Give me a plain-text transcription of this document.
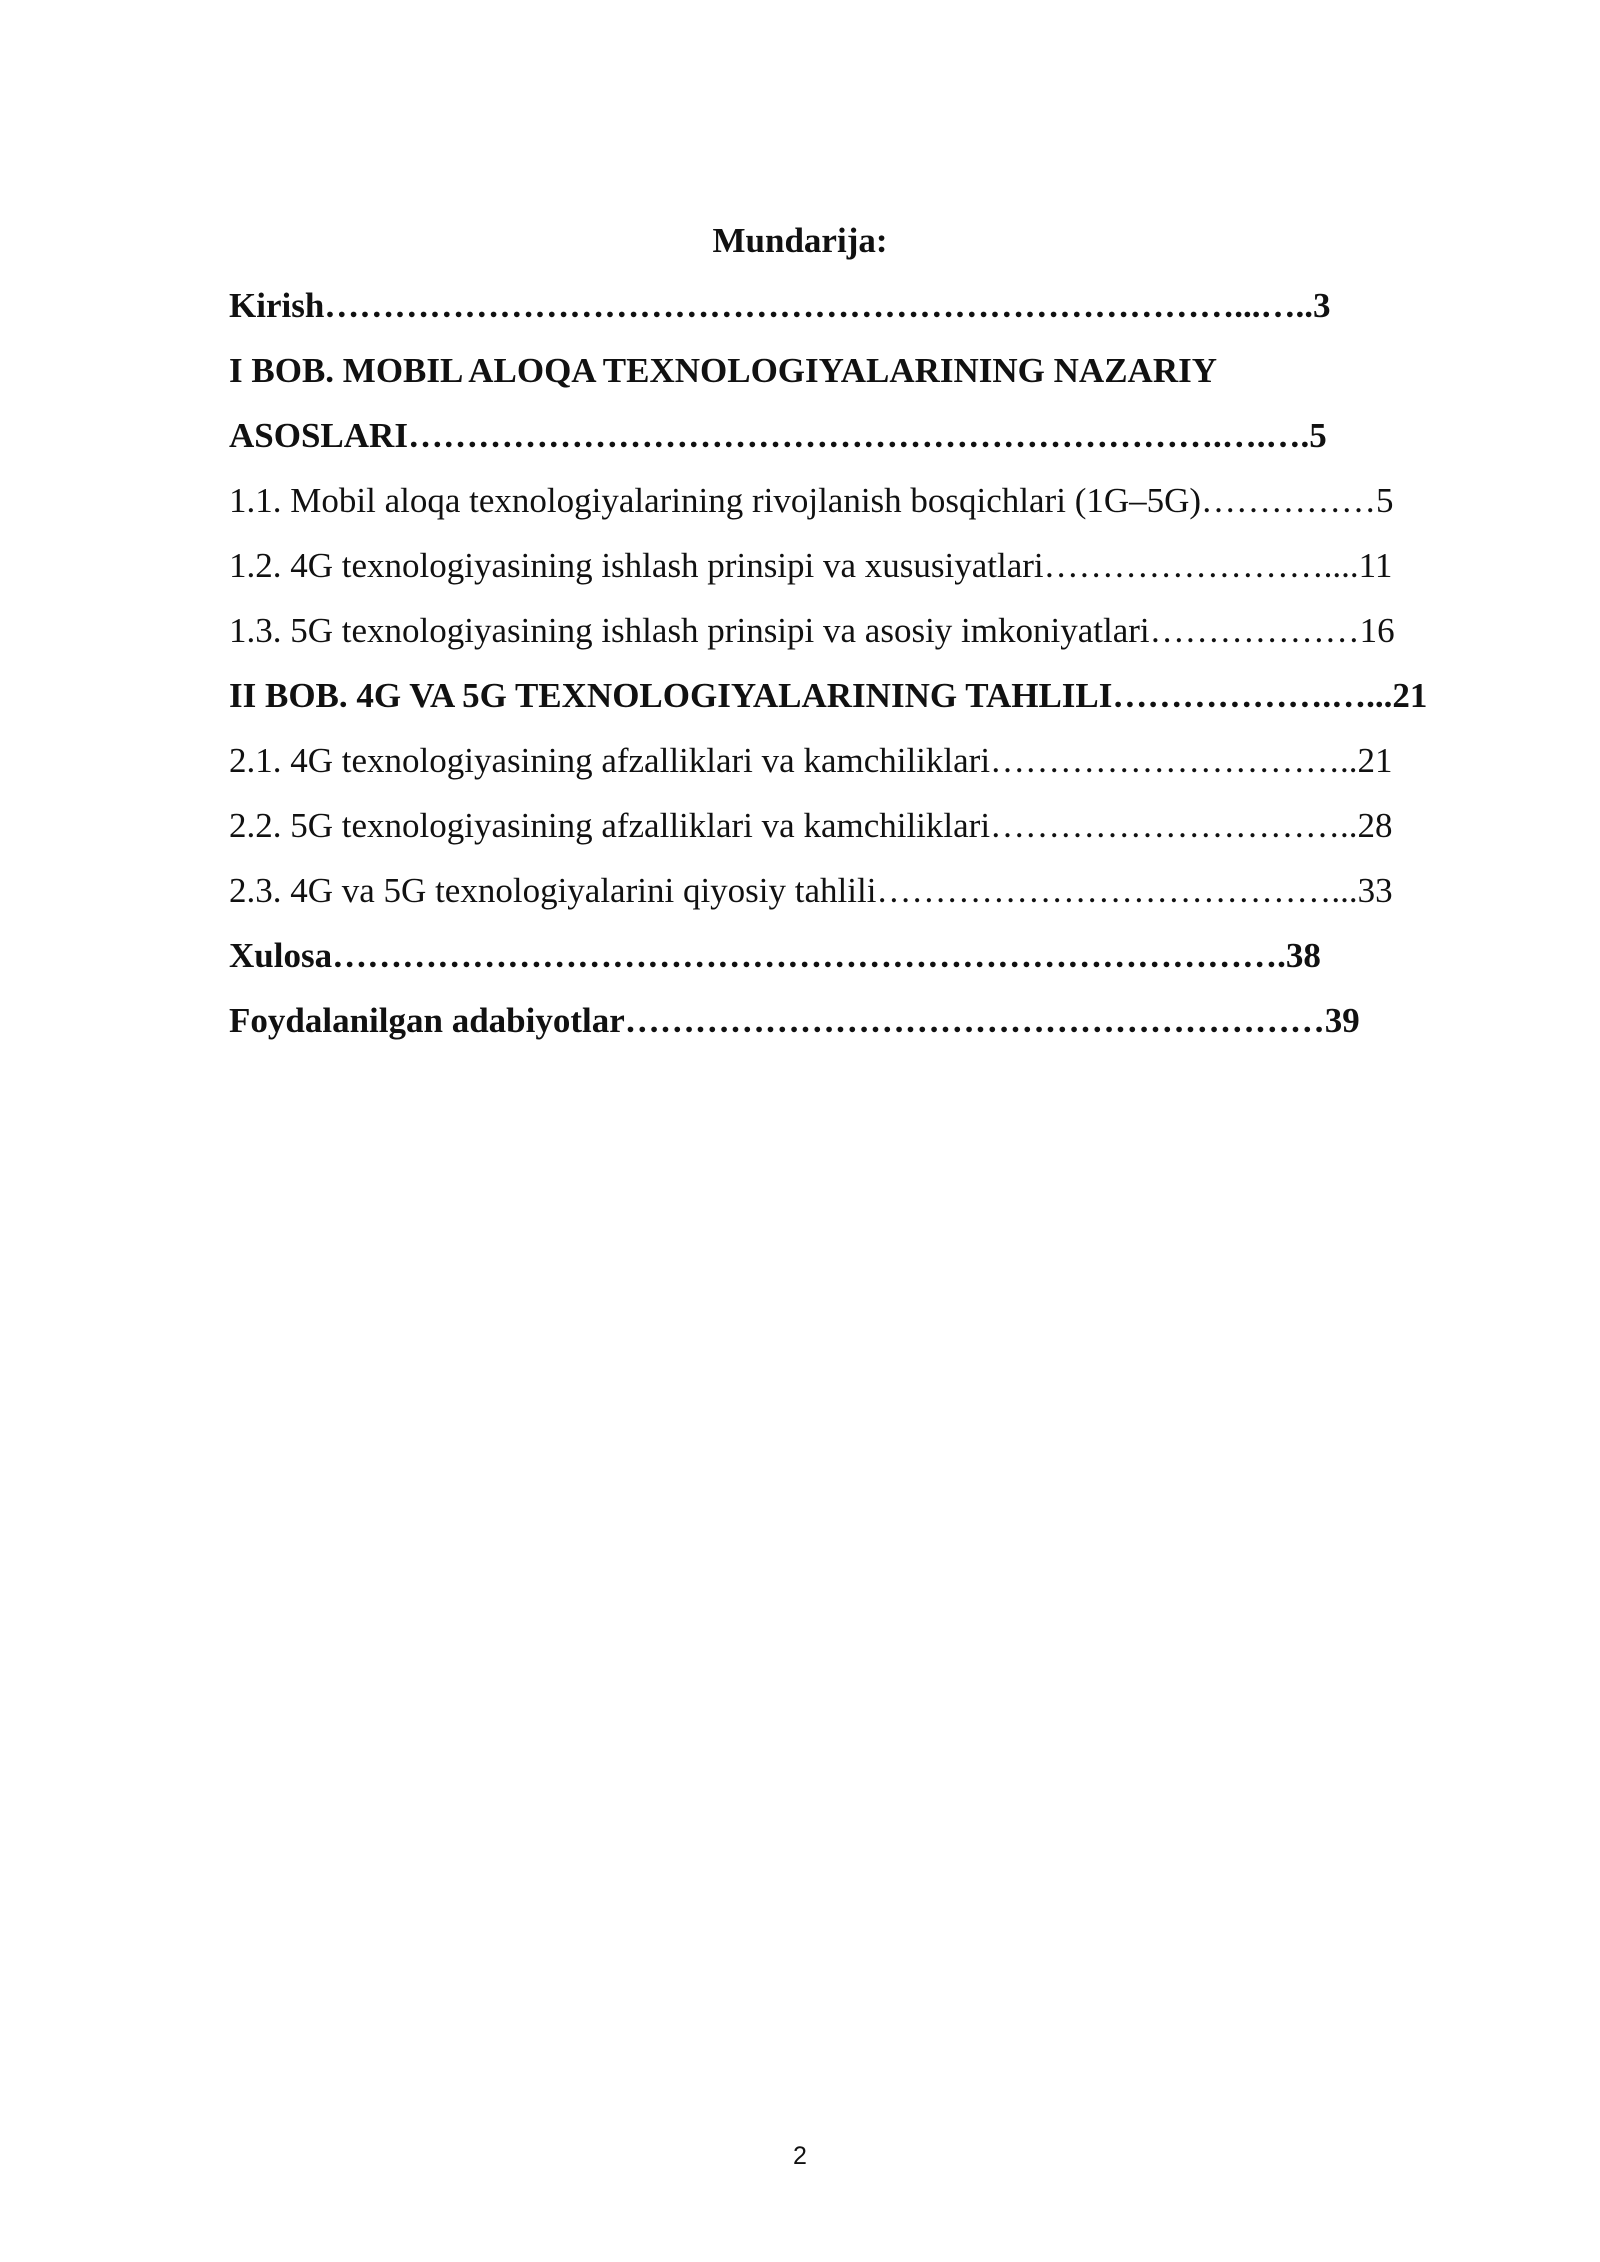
Mundarija:
Kirish……………………………………………………………………...…..3
I BOB. MOBIL ALOQA TEXNOLOGIYALARINING NAZARIY
ASOSLARI…………………………………………………………….….….5
1.1. Mobil aloqa texnologiyalarining rivojlanish bosqichlari (1G–5G)……………5
1.2. 4G texnologiyasining ishlash prinsipi va xususiyatlari……………………....11
1.3. 5G texnologiyasining ishlash prinsipi va asosiy imkoniyatlari………………16
II BOB. 4G VA 5G TEXNOLOGIYALARINING TAHLILI……………….…...21
2.1. 4G texnologiyasining afzalliklari va kamchiliklari…………………………..21
2.2. 5G texnologiyasining afzalliklari va kamchiliklari…………………………..28
2.3. 4G va 5G texnologiyalarini qiyosiy tahlili…………………………………...33
Xulosa……………………………………………………………………….38
Foydalanilgan adabiyotlar……………………………………………………39
2
